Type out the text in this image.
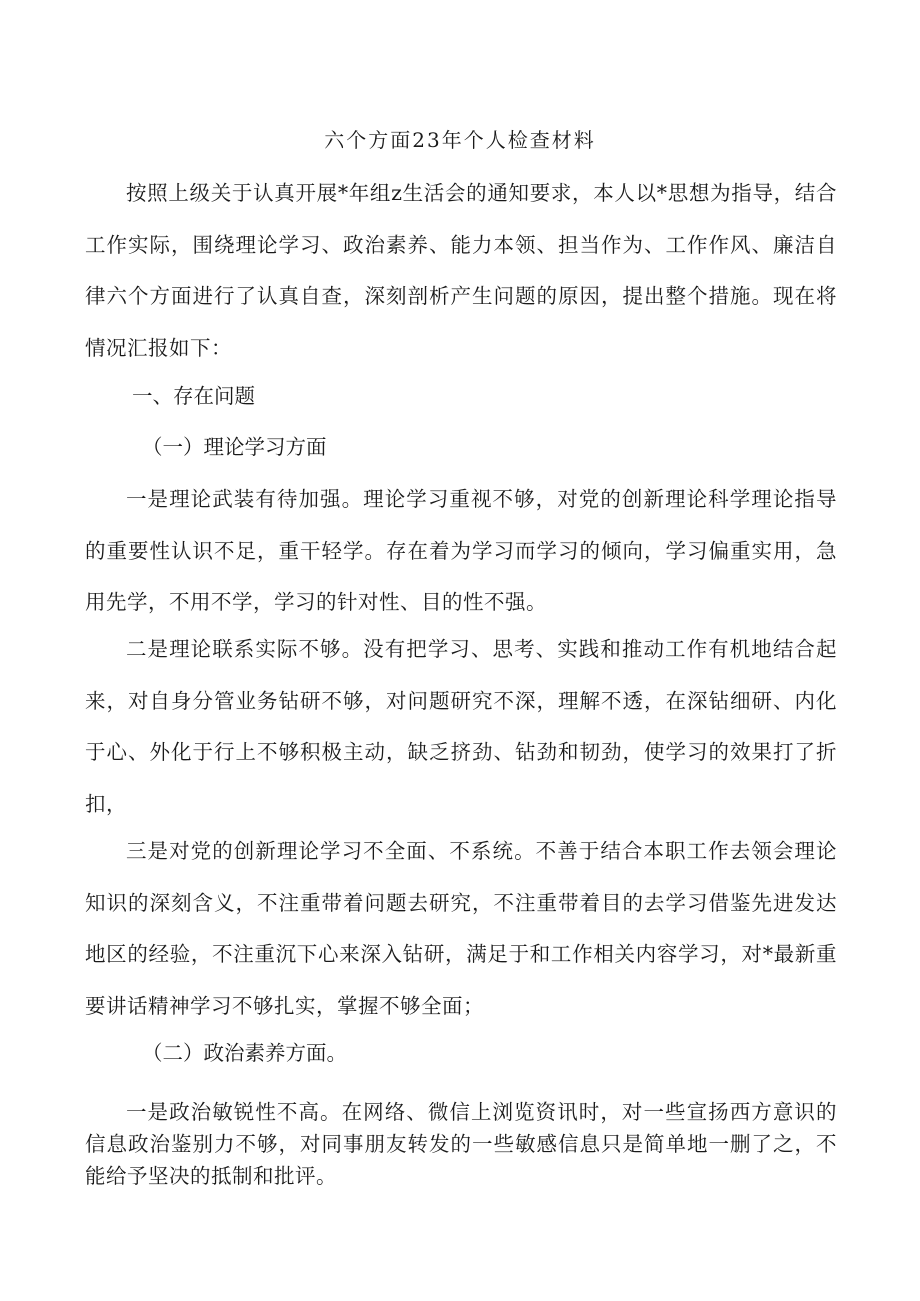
六个方面23年个人检查材料

按照上级关于认真开展*年组z生活会的通知要求，本人以*思想为指导，结合工作实际，围绕理论学习、政治素养、能力本领、担当作为、工作作风、廉洁自律六个方面进行了认真自查，深刻剖析产生问题的原因，提出整个措施。现在将情况汇报如下：

一、存在问题
（一）理论学习方面

一是理论武装有待加强。理论学习重视不够，对党的创新理论科学理论指导的重要性认识不足，重干轻学。存在着为学习而学习的倾向，学习偏重实用，急用先学，不用不学，学习的针对性、目的性不强。

二是理论联系实际不够。没有把学习、思考、实践和推动工作有机地结合起来，对自身分管业务钻研不够，对问题研究不深，理解不透，在深钻细研、内化于心、外化于行上不够积极主动，缺乏挤劲、钻劲和韧劲，使学习的效果打了折扣，

三是对党的创新理论学习不全面、不系统。不善于结合本职工作去领会理论知识的深刻含义，不注重带着问题去研究，不注重带着目的去学习借鉴先进发达地区的经验，不注重沉下心来深入钻研，满足于和工作相关内容学习，对*最新重要讲话精神学习不够扎实，掌握不够全面；

（二）政治素养方面。

一是政治敏锐性不高。在网络、微信上浏览资讯时，对一些宣扬西方意识的信息政治鉴别力不够，对同事朋友转发的一些敏感信息只是简单地一删了之，不能给予坚决的抵制和批评。
